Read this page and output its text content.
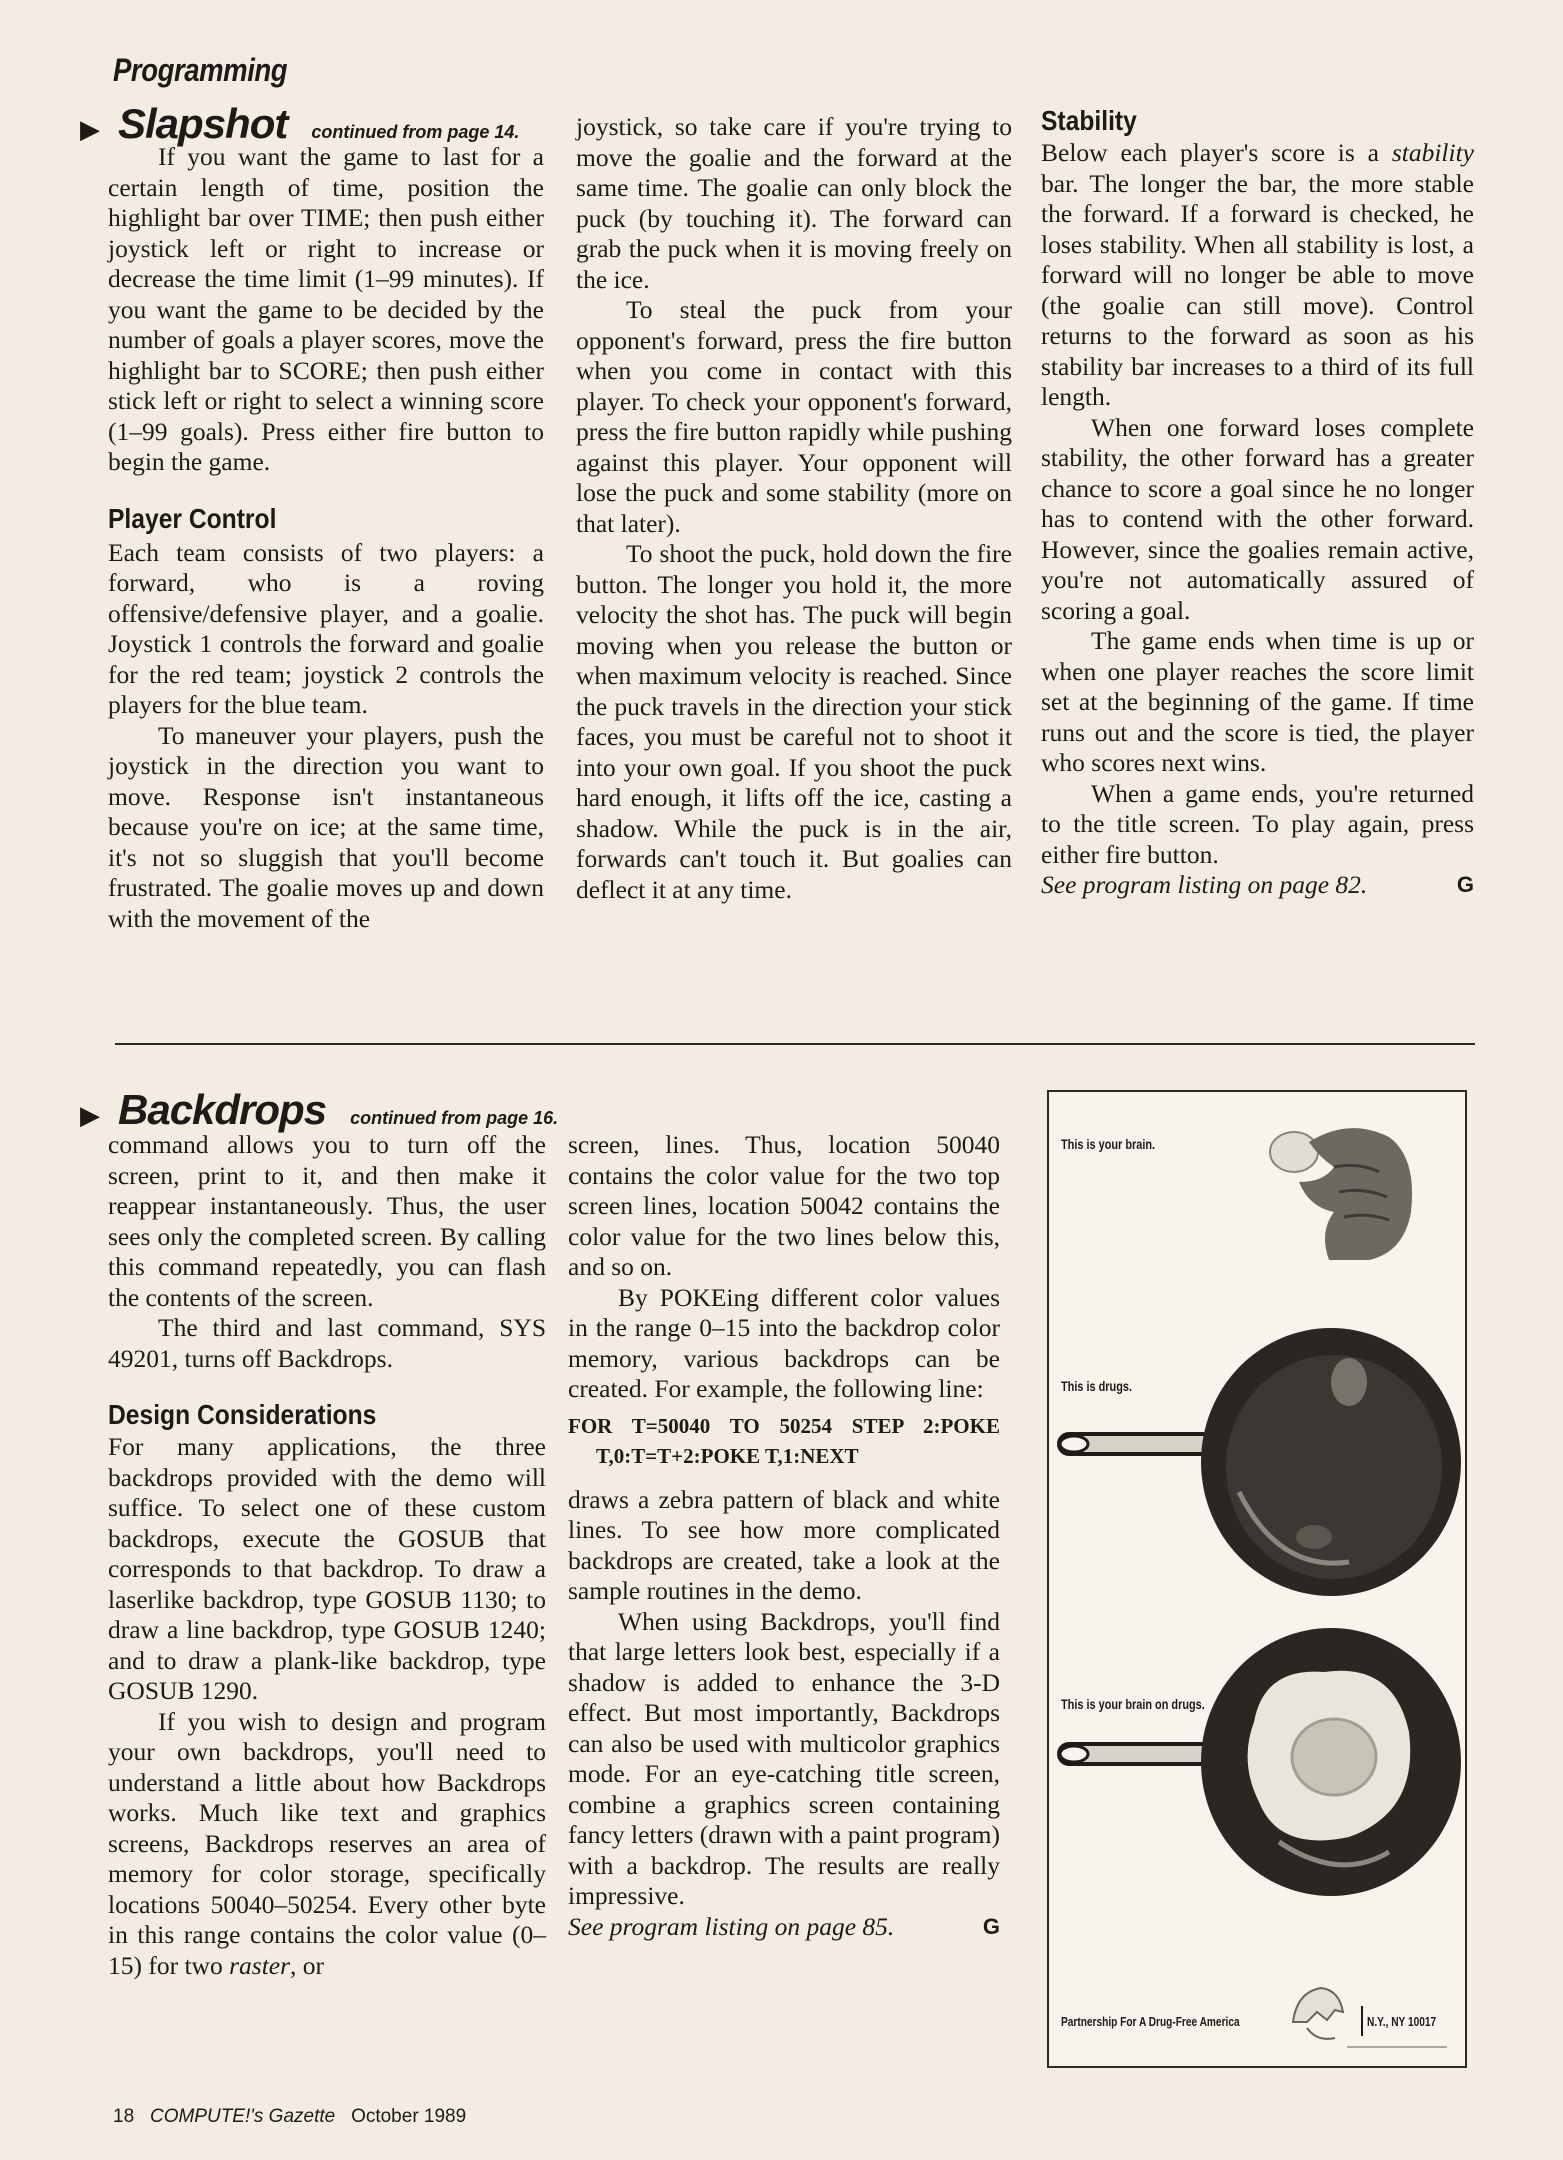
Programming
▶ Slapshot continued from page 14.

If you want the game to last for a certain length of time, position the highlight bar over TIME; then push either joystick left or right to increase or decrease the time limit (1–99 minutes). If you want the game to be decided by the number of goals a player scores, move the highlight bar to SCORE; then push either stick left or right to select a winning score (1–99 goals). Press either fire button to begin the game.

Player Control

Each team consists of two players: a forward, who is a roving offensive/defensive player, and a goalie. Joystick 1 controls the forward and goalie for the red team; joystick 2 controls the players for the blue team.

To maneuver your players, push the joystick in the direction you want to move. Response isn't instantaneous because you're on ice; at the same time, it's not so sluggish that you'll become frustrated. The goalie moves up and down with the movement of the

joystick, so take care if you're trying to move the goalie and the forward at the same time. The goalie can only block the puck (by touching it). The forward can grab the puck when it is moving freely on the ice.

To steal the puck from your opponent's forward, press the fire button when you come in contact with this player. To check your opponent's forward, press the fire button rapidly while pushing against this player. Your opponent will lose the puck and some stability (more on that later).

To shoot the puck, hold down the fire button. The longer you hold it, the more velocity the shot has. The puck will begin moving when you release the button or when maximum velocity is reached. Since the puck travels in the direction your stick faces, you must be careful not to shoot it into your own goal. If you shoot the puck hard enough, it lifts off the ice, casting a shadow. While the puck is in the air, forwards can't touch it. But goalies can deflect it at any time.

Stability

Below each player's score is a stability bar. The longer the bar, the more stable the forward. If a forward is checked, he loses stability. When all stability is lost, a forward will no longer be able to move (the goalie can still move). Control returns to the forward as soon as his stability bar increases to a third of its full length.

When one forward loses complete stability, the other forward has a greater chance to score a goal since he no longer has to contend with the other forward. However, since the goalies remain active, you're not automatically assured of scoring a goal.

The game ends when time is up or when one player reaches the score limit set at the beginning of the game. If time runs out and the score is tied, the player who scores next wins.

When a game ends, you're returned to the title screen. To play again, press either fire button.

See program listing on page 82.	G
▶ Backdrops continued from page 16.

command allows you to turn off the screen, print to it, and then make it reappear instantaneously. Thus, the user sees only the completed screen. By calling this command repeatedly, you can flash the contents of the screen.

The third and last command, SYS 49201, turns off Backdrops.

Design Considerations

For many applications, the three backdrops provided with the demo will suffice. To select one of these custom backdrops, execute the GOSUB that corresponds to that backdrop. To draw a laserlike backdrop, type GOSUB 1130; to draw a line backdrop, type GOSUB 1240; and to draw a plank-like backdrop, type GOSUB 1290.

If you wish to design and program your own backdrops, you'll need to understand a little about how Backdrops works. Much like text and graphics screens, Backdrops reserves an area of memory for color storage, specifically locations 50040–50254. Every other byte in this range contains the color value (0–15) for two raster, or

screen, lines. Thus, location 50040 contains the color value for the two top screen lines, location 50042 contains the color value for the two lines below this, and so on.

By POKEing different color values in the range 0–15 into the backdrop color memory, various backdrops can be created. For example, the following line:

FOR T=50040 TO 50254 STEP 2:POKE T,0:T=T+2:POKE T,1:NEXT

draws a zebra pattern of black and white lines. To see how more complicated backdrops are created, take a look at the sample routines in the demo.

When using Backdrops, you'll find that large letters look best, especially if a shadow is added to enhance the 3-D effect. But most importantly, Backdrops can also be used with multicolor graphics mode. For an eye-catching title screen, combine a graphics screen containing fancy letters (drawn with a paint program) with a backdrop. The results are really impressive.

See program listing on page 85.	G
This is your brain.
This is drugs.
This is your brain on drugs.
Partnership For A Drug-Free America	N.Y., NY 10017
18 COMPUTE!'s Gazette October 1989
